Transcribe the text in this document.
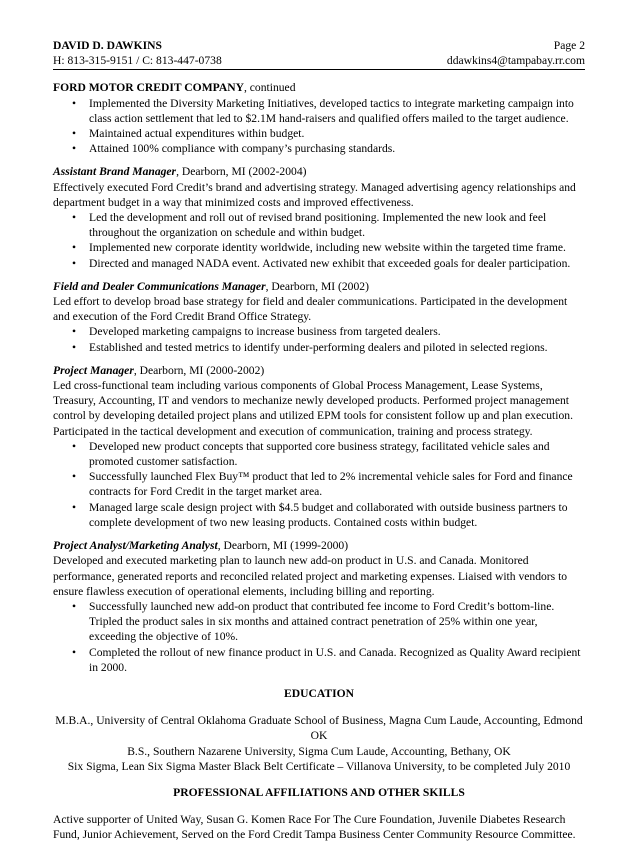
DAVID D. DAWKINS	Page 2
H: 813-315-9151 / C: 813-447-0738	ddawkins4@tampabay.rr.com

FORD MOTOR CREDIT COMPANY, continued

• Implemented the Diversity Marketing Initiatives, developed tactics to integrate marketing campaign into class action settlement that led to $2.1M hand-raisers and qualified offers mailed to the target audience.
• Maintained actual expenditures within budget.
• Attained 100% compliance with company’s purchasing standards.

Assistant Brand Manager, Dearborn, MI (2002-2004)

Effectively executed Ford Credit’s brand and advertising strategy. Managed advertising agency relationships and department budget in a way that minimized costs and improved effectiveness.

• Led the development and roll out of revised brand positioning. Implemented the new look and feel throughout the organization on schedule and within budget.
• Implemented new corporate identity worldwide, including new website within the targeted time frame.
• Directed and managed NADA event. Activated new exhibit that exceeded goals for dealer participation.

Field and Dealer Communications Manager, Dearborn, MI (2002)

Led effort to develop broad base strategy for field and dealer communications. Participated in the development and execution of the Ford Credit Brand Office Strategy.

• Developed marketing campaigns to increase business from targeted dealers.
• Established and tested metrics to identify under-performing dealers and piloted in selected regions.

Project Manager, Dearborn, MI (2000-2002)

Led cross-functional team including various components of Global Process Management, Lease Systems, Treasury, Accounting, IT and vendors to mechanize newly developed products. Performed project management control by developing detailed project plans and utilized EPM tools for consistent follow up and plan execution. Participated in the tactical development and execution of communication, training and process strategy.

• Developed new product concepts that supported core business strategy, facilitated vehicle sales and promoted customer satisfaction.
• Successfully launched Flex Buy™ product that led to 2% incremental vehicle sales for Ford and finance contracts for Ford Credit in the target market area.
• Managed large scale design project with $4.5 budget and collaborated with outside business partners to complete development of two new leasing products. Contained costs within budget.

Project Analyst/Marketing Analyst, Dearborn, MI (1999-2000)

Developed and executed marketing plan to launch new add-on product in U.S. and Canada. Monitored performance, generated reports and reconciled related project and marketing expenses. Liaised with vendors to ensure flawless execution of operational elements, including billing and reporting.

• Successfully launched new add-on product that contributed fee income to Ford Credit’s bottom-line. Tripled the product sales in six months and attained contract penetration of 25% within one year, exceeding the objective of 10%.
• Completed the rollout of new finance product in U.S. and Canada. Recognized as Quality Award recipient in 2000.
EDUCATION

M.B.A., University of Central Oklahoma Graduate School of Business, Magna Cum Laude, Accounting, Edmond OK

B.S., Southern Nazarene University, Sigma Cum Laude, Accounting, Bethany, OK

Six Sigma, Lean Six Sigma Master Black Belt Certificate – Villanova University, to be completed July 2010

PROFESSIONAL AFFILIATIONS AND OTHER SKILLS

Active supporter of United Way, Susan G. Komen Race For The Cure Foundation, Juvenile Diabetes Research Fund, Junior Achievement, Served on the Ford Credit Tampa Business Center Community Resource Committee.
